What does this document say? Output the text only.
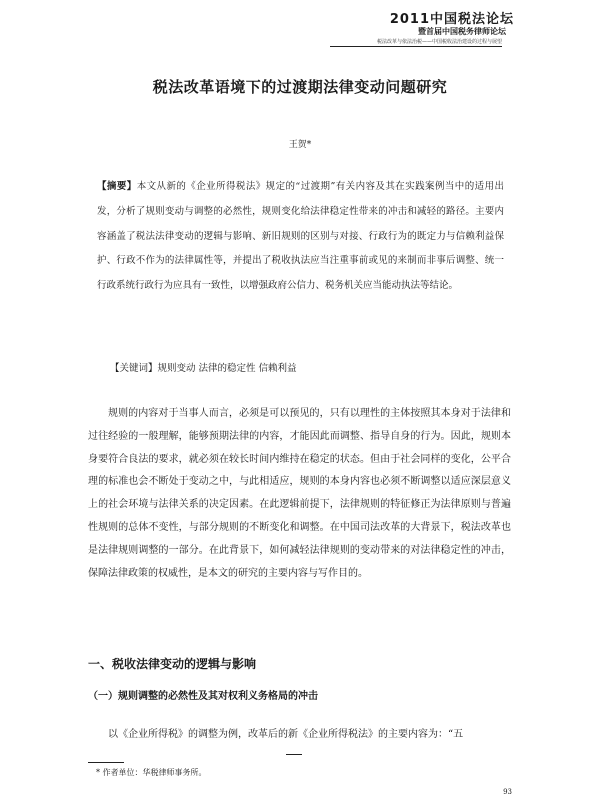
2011中国税法论坛
暨首届中国税务律师论坛
税法改革与依法治税——中国税收法治建设的过程与展望
税法改革语境下的过渡期法律变动问题研究
王贺*
【摘要】本文从新的《企业所得税法》规定的“过渡期”有关内容及其在实践案例当中的适用出发，分析了规则变动与调整的必然性，规则变化给法律稳定性带来的冲击和减轻的路径。主要内容涵盖了税法法律变动的逻辑与影响、新旧规则的区别与对接、行政行为的既定力与信赖利益保护、行政不作为的法律属性等，并提出了税收执法应当注重事前或见的来制而非事后调整、统一行政系统行政行为应具有一致性，以增强政府公信力、税务机关应当能动执法等结论。
【关键词】规则变动 法律的稳定性 信赖利益
规则的内容对于当事人而言，必须是可以预见的，只有以理性的主体按照其本身对于法律和过往经验的一般理解，能够预期法律的内容，才能因此而调整、指导自身的行为。因此，规则本身要符合良法的要求，就必须在较长时间内维持在稳定的状态。但由于社会同样的变化，公平合理的标准也会不断处于变动之中，与此相适应，规则的本身内容也必须不断调整以适应深层意义上的社会环境与法律关系的决定因素。在此逻辑前提下，法律规则的特征修正为法律原则与普遍性规则的总体不变性，与部分规则的不断变化和调整。在中国司法改革的大背景下，税法改革也是法律规则调整的一部分。在此背景下，如何减轻法律规则的变动带来的对法律稳定性的冲击，保障法律政策的权威性，是本文的研究的主要内容与写作目的。
一、税收法律变动的逻辑与影响
（一）规则调整的必然性及其对权利义务格局的冲击
以《企业所得税》的调整为例，改革后的新《企业所得税法》的主要内容为：“五
* 作者单位：华税律师事务所。
93
